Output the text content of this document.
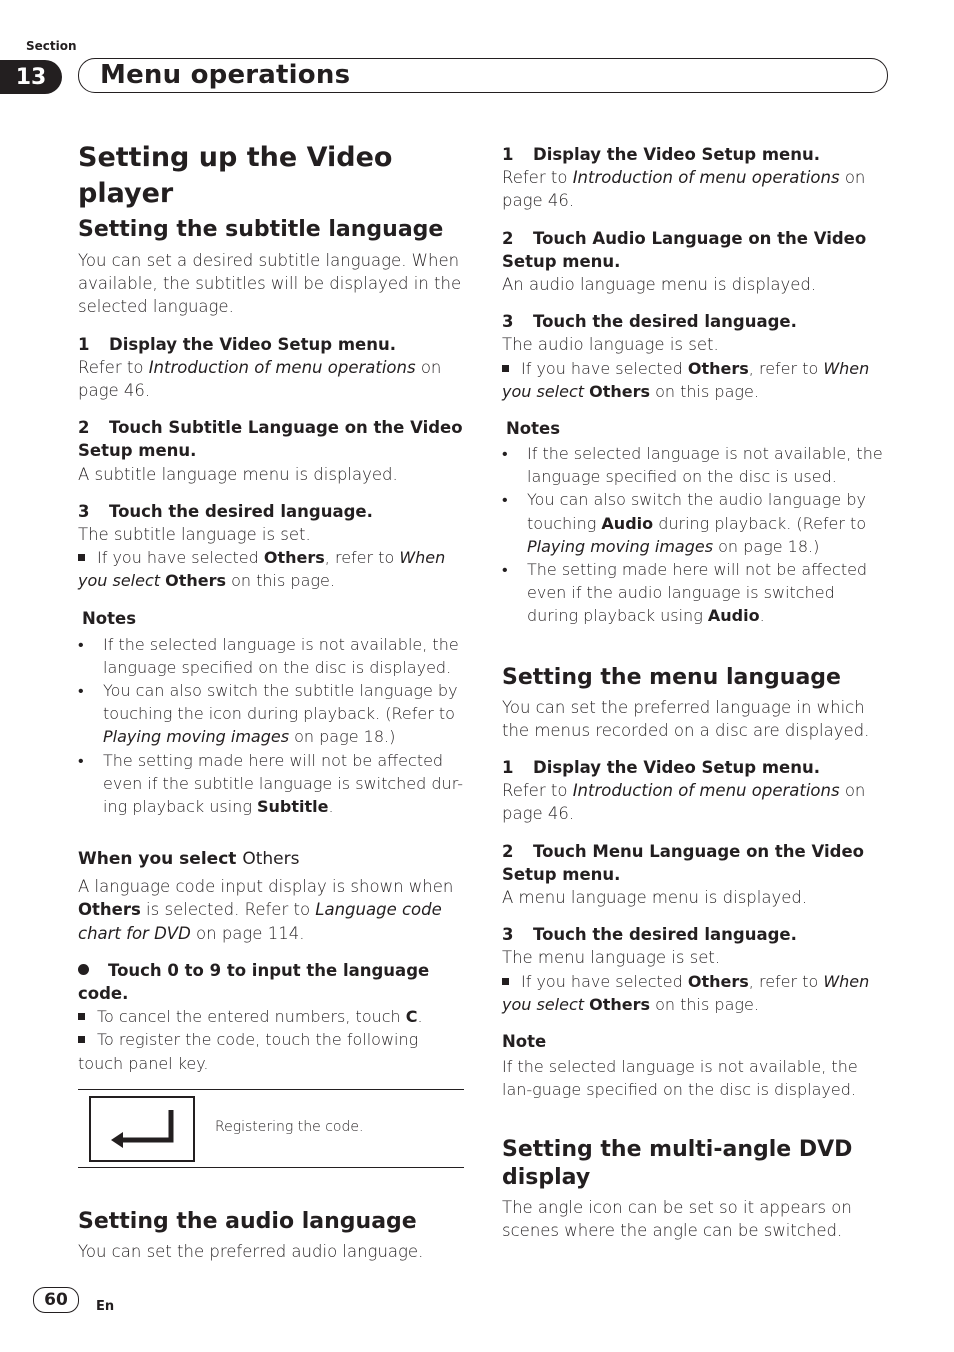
Section
13	Menu operations
Setting up the Video player
Setting the subtitle language
You can set a desired subtitle language. When available, the subtitles will be displayed in the selected language.
1 Display the Video Setup menu.
Refer to Introduction of menu operations on page 46.
2 Touch Subtitle Language on the Video Setup menu.
A subtitle language menu is displayed.
3 Touch the desired language.
The subtitle language is set.
If you have selected Others, refer to When you select Others on this page.
Notes
• If the selected language is not available, the language specified on the disc is displayed.
• You can also switch the subtitle language by touching the icon during playback. (Refer to Playing moving images on page 18.)
• The setting made here will not be affected even if the subtitle language is switched dur-ing playback using Subtitle.
When you select Others
A language code input display is shown when Others is selected. Refer to Language code chart for DVD on page 114.
Touch 0 to 9 to input the language code.
To cancel the entered numbers, touch C.
To register the code, touch the following touch panel key.
Registering the code.
Setting the audio language
You can set the preferred audio language.
1 Display the Video Setup menu.
Refer to Introduction of menu operations on page 46.
2 Touch Audio Language on the Video Setup menu.
An audio language menu is displayed.
3 Touch the desired language.
The audio language is set.
If you have selected Others, refer to When you select Others on this page.
Notes
• If the selected language is not available, the language specified on the disc is used.
• You can also switch the audio language by touching Audio during playback. (Refer to Playing moving images on page 18.)
• The setting made here will not be affected even if the audio language is switched during playback using Audio.
Setting the menu language
You can set the preferred language in which the menus recorded on a disc are displayed.
1 Display the Video Setup menu.
Refer to Introduction of menu operations on page 46.
2 Touch Menu Language on the Video Setup menu.
A menu language menu is displayed.
3 Touch the desired language.
The menu language is set.
If you have selected Others, refer to When you select Others on this page.
Note
If the selected language is not available, the lan-guage specified on the disc is displayed.
Setting the multi-angle DVD display
The angle icon can be set so it appears on scenes where the angle can be switched.
60	En
